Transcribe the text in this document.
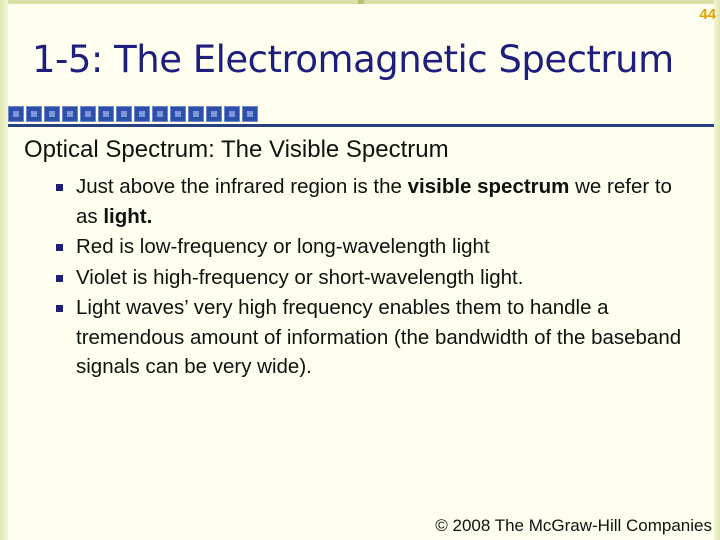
44
1-5: The Electromagnetic Spectrum
Optical Spectrum: The Visible Spectrum
Just above the infrared region is the visible spectrum we refer to as light.
Red is low-frequency or long-wavelength light
Violet is high-frequency or short-wavelength light.
Light waves’ very high frequency enables them to handle a tremendous amount of information (the bandwidth of the baseband signals can be very wide).
© 2008 The McGraw-Hill Companies
